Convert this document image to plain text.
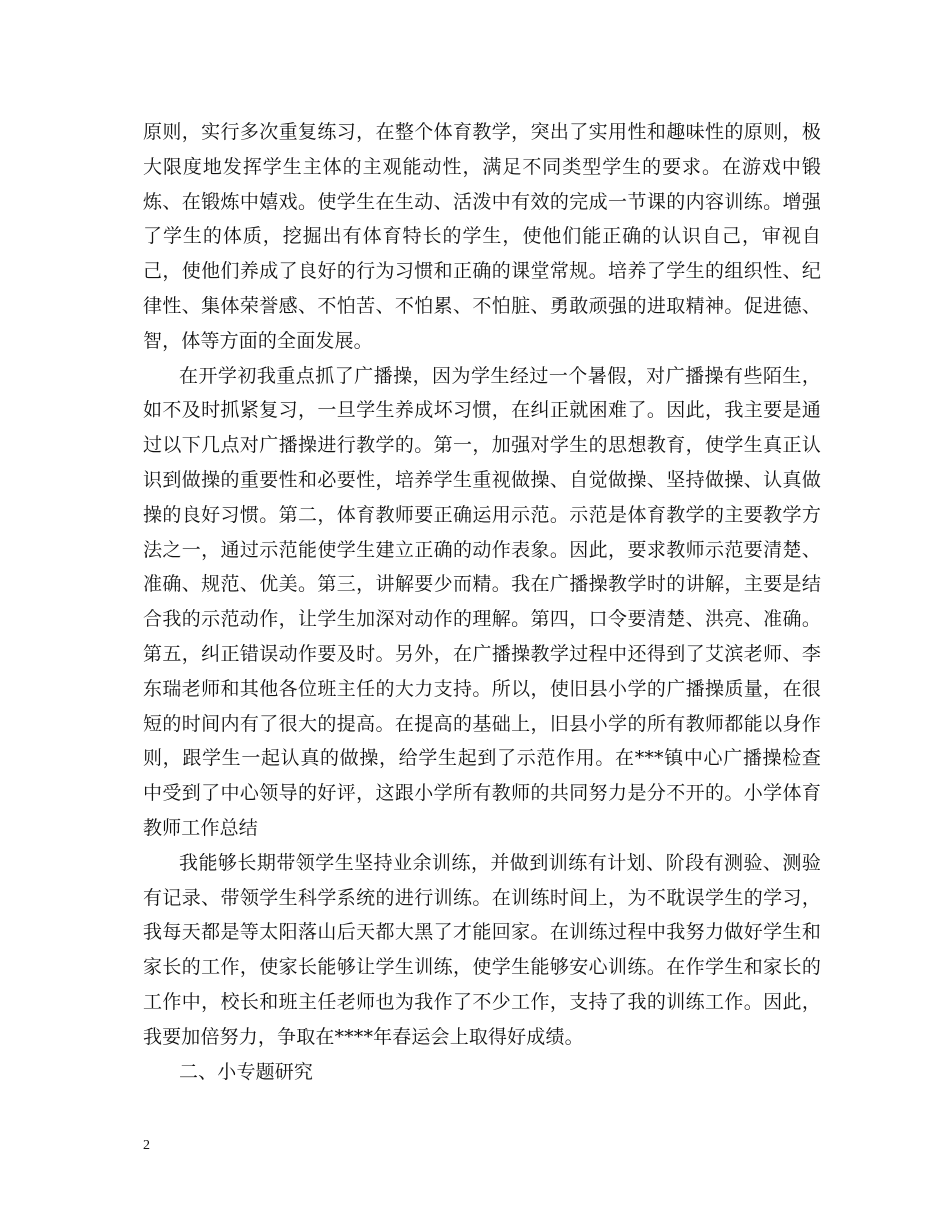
原则，实行多次重复练习，在整个体育教学，突出了实用性和趣味性的原则，极大限度地发挥学生主体的主观能动性，满足不同类型学生的要求。在游戏中锻炼、在锻炼中嬉戏。使学生在生动、活泼中有效的完成一节课的内容训练。增强了学生的体质，挖掘出有体育特长的学生，使他们能正确的认识自己，审视自己，使他们养成了良好的行为习惯和正确的课堂常规。培养了学生的组织性、纪律性、集体荣誉感、不怕苦、不怕累、不怕脏、勇敢顽强的进取精神。促进德、智，体等方面的全面发展。

在开学初我重点抓了广播操，因为学生经过一个暑假，对广播操有些陌生，如不及时抓紧复习，一旦学生养成坏习惯，在纠正就困难了。因此，我主要是通过以下几点对广播操进行教学的。第一，加强对学生的思想教育，使学生真正认识到做操的重要性和必要性，培养学生重视做操、自觉做操、坚持做操、认真做操的良好习惯。第二，体育教师要正确运用示范。示范是体育教学的主要教学方法之一，通过示范能使学生建立正确的动作表象。因此，要求教师示范要清楚、准确、规范、优美。第三，讲解要少而精。我在广播操教学时的讲解，主要是结合我的示范动作，让学生加深对动作的理解。第四，口令要清楚、洪亮、准确。第五，纠正错误动作要及时。另外，在广播操教学过程中还得到了艾滨老师、李东瑞老师和其他各位班主任的大力支持。所以，使旧县小学的广播操质量，在很短的时间内有了很大的提高。在提高的基础上，旧县小学的所有教师都能以身作则，跟学生一起认真的做操，给学生起到了示范作用。在***镇中心广播操检查中受到了中心领导的好评，这跟小学所有教师的共同努力是分不开的。小学体育教师工作总结

我能够长期带领学生坚持业余训练，并做到训练有计划、阶段有测验、测验有记录、带领学生科学系统的进行训练。在训练时间上，为不耽误学生的学习，我每天都是等太阳落山后天都大黑了才能回家。在训练过程中我努力做好学生和家长的工作，使家长能够让学生训练，使学生能够安心训练。在作学生和家长的工作中，校长和班主任老师也为我作了不少工作，支持了我的训练工作。因此，我要加倍努力，争取在****年春运会上取得好成绩。

二、小专题研究

2
